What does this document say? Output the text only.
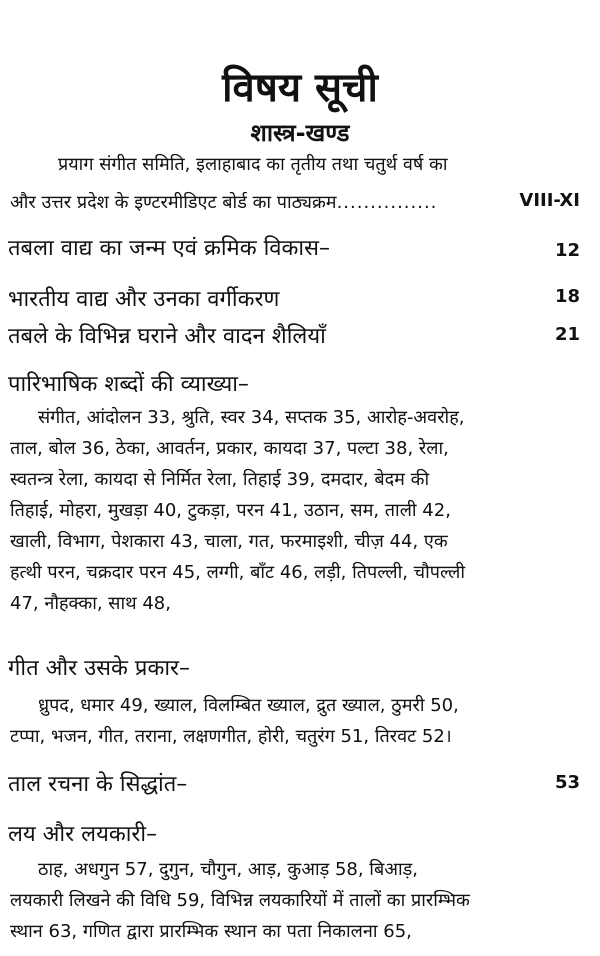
विषय सूची
शास्त्र-खण्ड
प्रयाग संगीत समिति, इलाहाबाद का तृतीय तथा चतुर्थ वर्ष का
और उत्तर प्रदेश के इण्टरमीडिएट बोर्ड का पाठ्यक्रम...............	VIII-XI
तबला वाद्य का जन्म एवं क्रमिक विकास–	12
भारतीय वाद्य और उनका वर्गीकरण	18
तबले के विभिन्न घराने और वादन शैलियाँ	21
पारिभाषिक शब्दों की व्याख्या–
संगीत, आंदोलन 33, श्रुति, स्वर 34, सप्तक 35, आरोह-अवरोह,
ताल, बोल 36, ठेका, आवर्तन, प्रकार, कायदा 37, पल्टा 38, रेला,
स्वतन्त्र रेला, कायदा से निर्मित रेला, तिहाई 39, दमदार, बेदम की
तिहाई, मोहरा, मुखड़ा 40, टुकड़ा, परन 41, उठान, सम, ताली 42,
खाली, विभाग, पेशकारा 43, चाला, गत, फरमाइशी, चीज़ 44, एक
हत्थी परन, चक्रदार परन 45, लग्गी, बाँट 46, लड़ी, तिपल्ली, चौपल्ली
47, नौहक्का, साथ 48,
गीत और उसके प्रकार–
ध्रुपद, धमार 49, ख्याल, विलम्बित ख्याल, द्रुत ख्याल, ठुमरी 50,
टप्पा, भजन, गीत, तराना, लक्षणगीत, होरी, चतुरंग 51, तिरवट 52।
ताल रचना के सिद्धांत–	53
लय और लयकारी–
ठाह, अधगुन 57, दुगुन, चौगुन, आड़, कुआड़ 58, बिआड़,
लयकारी लिखने की विधि 59, विभिन्न लयकारियों में तालों का प्रारम्भिक
स्थान 63, गणित द्वारा प्रारम्भिक स्थान का पता निकालना 65,
